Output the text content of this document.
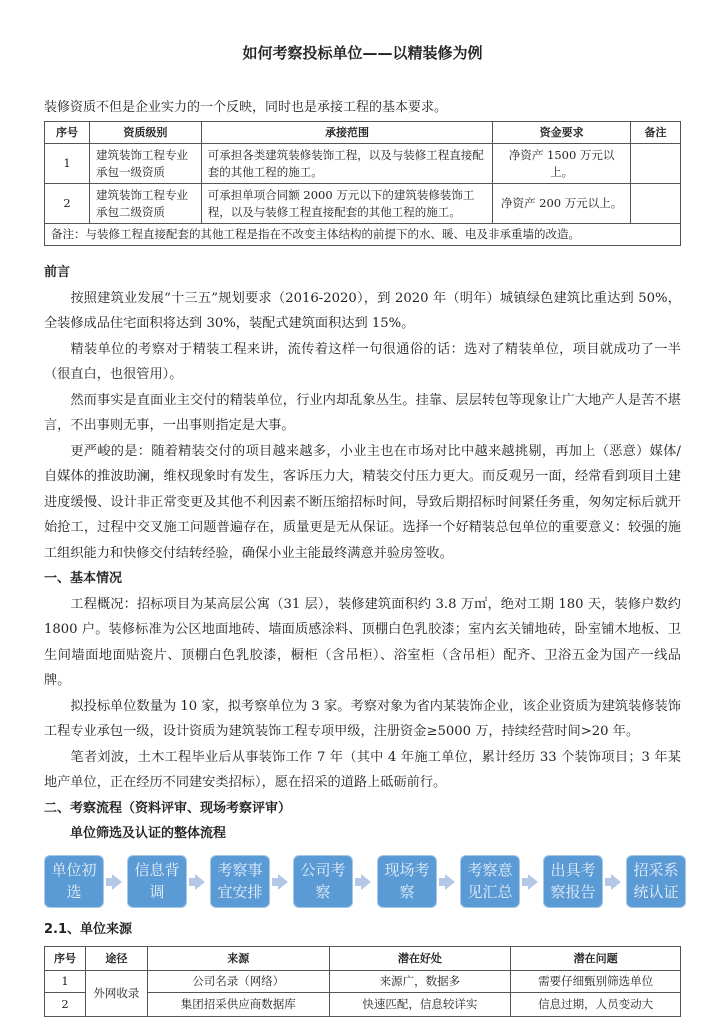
如何考察投标单位——以精装修为例
装修资质不但是企业实力的一个反映，同时也是承接工程的基本要求。
序号	资质级别	承接范围	资金要求	备注
1	建筑装饰工程专业承包一级资质	可承担各类建筑装修装饰工程，以及与装修工程直接配套的其他工程的施工。	净资产 1500 万元以上。	
2	建筑装饰工程专业承包二级资质	可承担单项合同额 2000 万元以下的建筑装修装饰工程，以及与装修工程直接配套的其他工程的施工。	净资产 200 万元以上。	
备注：与装修工程直接配套的其他工程是指在不改变主体结构的前提下的水、暖、电及非承重墙的改造。				
前言

按照建筑业发展“十三五”规划要求（2016-2020），到 2020 年（明年）城镇绿色建筑比重达到 50%，全装修成品住宅面积将达到 30%，装配式建筑面积达到 15%。

精装单位的考察对于精装工程来讲，流传着这样一句很通俗的话：选对了精装单位，项目就成功了一半（很直白，也很管用）。

然而事实是直面业主交付的精装单位，行业内却乱象丛生。挂靠、层层转包等现象让广大地产人是苦不堪言，不出事则无事，一出事则指定是大事。

更严峻的是：随着精装交付的项目越来越多，小业主也在市场对比中越来越挑剔，再加上（恶意）媒体/自媒体的推波助澜，维权现象时有发生，客诉压力大，精装交付压力更大。而反观另一面，经常看到项目土建进度缓慢、设计非正常变更及其他不利因素不断压缩招标时间，导致后期招标时间紧任务重，匆匆定标后就开始抢工，过程中交叉施工问题普遍存在，质量更是无从保证。选择一个好精装总包单位的重要意义：较强的施工组织能力和快修交付结转经验，确保小业主能最终满意并验房签收。

一、基本情况

工程概况：招标项目为某高层公寓（31 层），装修建筑面积约 3.8 万㎡，绝对工期 180 天，装修户数约 1800 户。装修标准为公区地面地砖、墙面质感涂料、顶棚白色乳胶漆；室内玄关铺地砖，卧室铺木地板、卫生间墙面地面贴瓷片、顶棚白色乳胶漆，橱柜（含吊柜）、浴室柜（含吊柜）配齐、卫浴五金为国产一线品牌。

拟投标单位数量为 10 家，拟考察单位为 3 家。考察对象为省内某装饰企业，该企业资质为建筑装修装饰工程专业承包一级，设计资质为建筑装饰工程专项甲级，注册资金≥5000 万，持续经营时间>20 年。

笔者刘波，土木工程毕业后从事装饰工作 7 年（其中 4 年施工单位，累计经历 33 个装饰项目；3 年某地产单位，正在经历不同建安类招标），愿在招采的道路上砥砺前行。

二、考察流程（资料评审、现场考察评审）
单位筛选及认证的整体流程
单位初选
信息背调
考察事宜安排
公司考察
现场考察
考察意见汇总
出具考察报告
招采系统认证
2.1、单位来源
序号	途径	来源	潜在好处	潜在问题
1	外网收录	公司名录（网络）	来源广，数据多	需要仔细甄别筛选单位
2		集团招采供应商数据库	快速匹配，信息较详实	信息过期，人员变动大
